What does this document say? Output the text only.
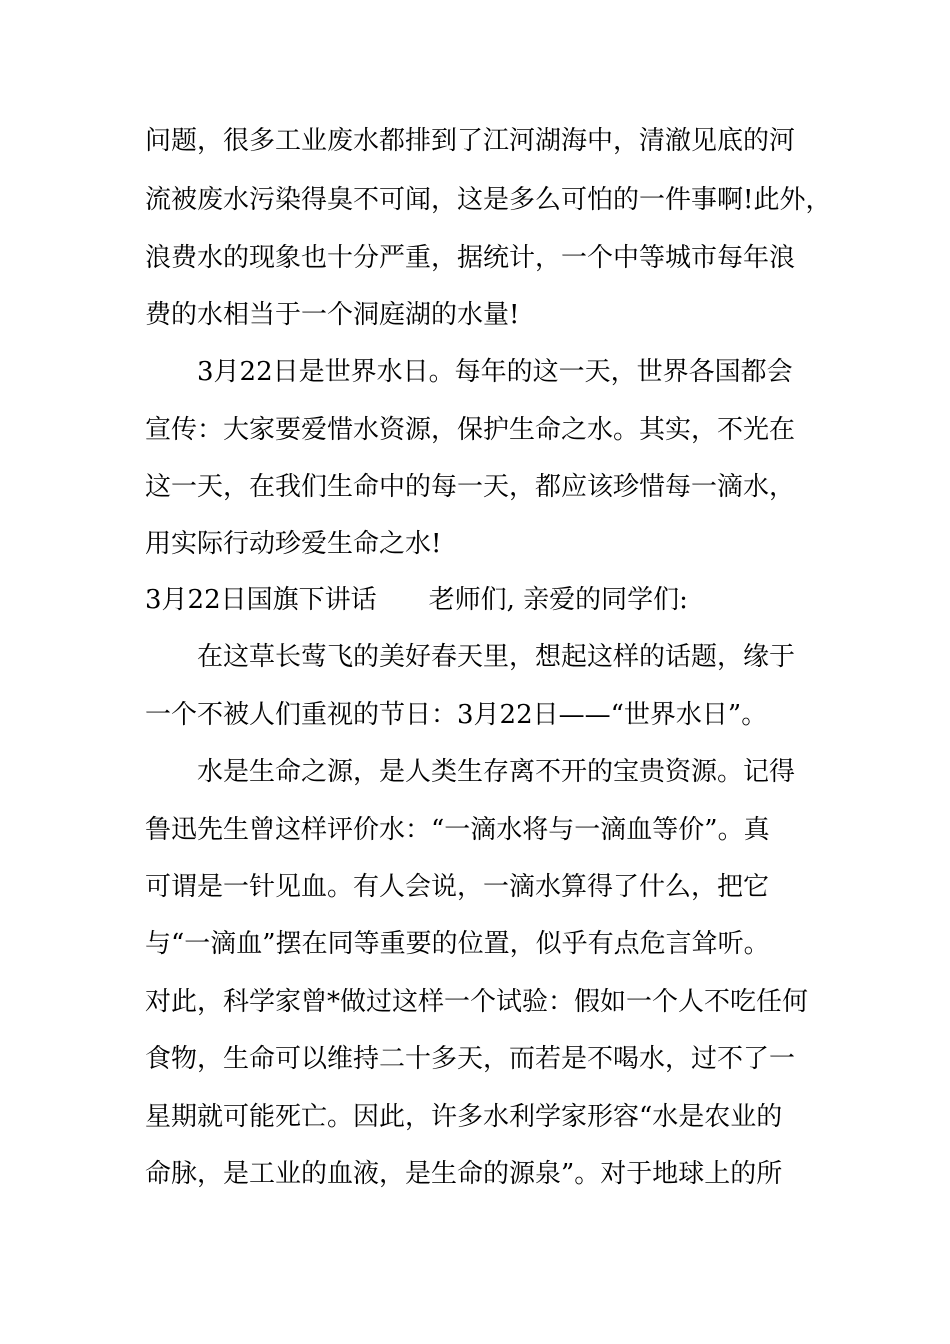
问题，很多工业废水都排到了江河湖海中，清澈见底的河
流被废水污染得臭不可闻，这是多么可怕的一件事啊!此外，
浪费水的现象也十分严重，据统计，一个中等城市每年浪
费的水相当于一个洞庭湖的水量!
3月22日是世界水日。每年的这一天，世界各国都会
宣传：大家要爱惜水资源，保护生命之水。其实，不光在
这一天，在我们生命中的每一天，都应该珍惜每一滴水，
用实际行动珍爱生命之水!
3月22日国旗下讲话 老师们, 亲爱的同学们:
在这草长莺飞的美好春天里，想起这样的话题，缘于
一个不被人们重视的节日：3月22日——“世界水日”。
水是生命之源，是人类生存离不开的宝贵资源。记得
鲁迅先生曾这样评价水：“一滴水将与一滴血等价”。真
可谓是一针见血。有人会说，一滴水算得了什么，把它
与“一滴血”摆在同等重要的位置，似乎有点危言耸听。
对此，科学家曾*做过这样一个试验：假如一个人不吃任何
食物，生命可以维持二十多天，而若是不喝水，过不了一
星期就可能死亡。因此，许多水利学家形容“水是农业的
命脉，是工业的血液，是生命的源泉”。对于地球上的所
